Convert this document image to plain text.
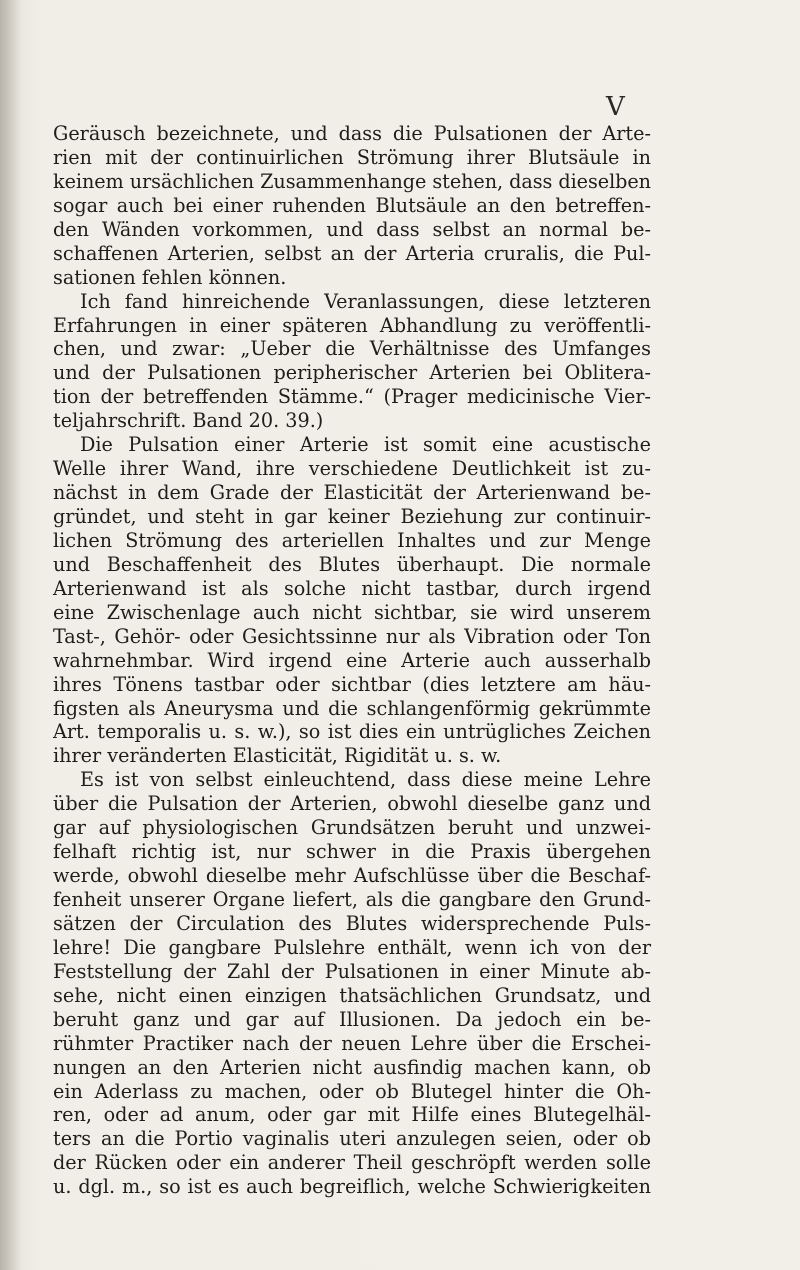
V
Geräusch bezeichnete, und dass die Pulsationen der Arte-
rien mit der continuirlichen Strömung ihrer Blutsäule in
keinem ursächlichen Zusammenhange stehen, dass dieselben
sogar auch bei einer ruhenden Blutsäule an den betreffen-
den Wänden vorkommen, und dass selbst an normal be-
schaffenen Arterien, selbst an der Arteria cruralis, die Pul-
sationen fehlen können.
Ich fand hinreichende Veranlassungen, diese letzteren
Erfahrungen in einer späteren Abhandlung zu veröffentli-
chen, und zwar: „Ueber die Verhältnisse des Umfanges
und der Pulsationen peripherischer Arterien bei Oblitera-
tion der betreffenden Stämme.“ (Prager medicinische Vier-
teljahrschrift. Band 20. 39.)
Die Pulsation einer Arterie ist somit eine acustische
Welle ihrer Wand, ihre verschiedene Deutlichkeit ist zu-
nächst in dem Grade der Elasticität der Arterienwand be-
gründet, und steht in gar keiner Beziehung zur continuir-
lichen Strömung des arteriellen Inhaltes und zur Menge
und Beschaffenheit des Blutes überhaupt. Die normale
Arterienwand ist als solche nicht tastbar, durch irgend
eine Zwischenlage auch nicht sichtbar, sie wird unserem
Tast-, Gehör- oder Gesichtssinne nur als Vibration oder Ton
wahrnehmbar. Wird irgend eine Arterie auch ausserhalb
ihres Tönens tastbar oder sichtbar (dies letztere am häu-
figsten als Aneurysma und die schlangenförmig gekrümmte
Art. temporalis u. s. w.), so ist dies ein untrügliches Zeichen
ihrer veränderten Elasticität, Rigidität u. s. w.
Es ist von selbst einleuchtend, dass diese meine Lehre
über die Pulsation der Arterien, obwohl dieselbe ganz und
gar auf physiologischen Grundsätzen beruht und unzwei-
felhaft richtig ist, nur schwer in die Praxis übergehen
werde, obwohl dieselbe mehr Aufschlüsse über die Beschaf-
fenheit unserer Organe liefert, als die gangbare den Grund-
sätzen der Circulation des Blutes widersprechende Puls-
lehre! Die gangbare Pulslehre enthält, wenn ich von der
Feststellung der Zahl der Pulsationen in einer Minute ab-
sehe, nicht einen einzigen thatsächlichen Grundsatz, und
beruht ganz und gar auf Illusionen. Da jedoch ein be-
rühmter Practiker nach der neuen Lehre über die Erschei-
nungen an den Arterien nicht ausfindig machen kann, ob
ein Aderlass zu machen, oder ob Blutegel hinter die Oh-
ren, oder ad anum, oder gar mit Hilfe eines Blutegelhäl-
ters an die Portio vaginalis uteri anzulegen seien, oder ob
der Rücken oder ein anderer Theil geschröpft werden solle
u. dgl. m., so ist es auch begreiflich, welche Schwierigkeiten
